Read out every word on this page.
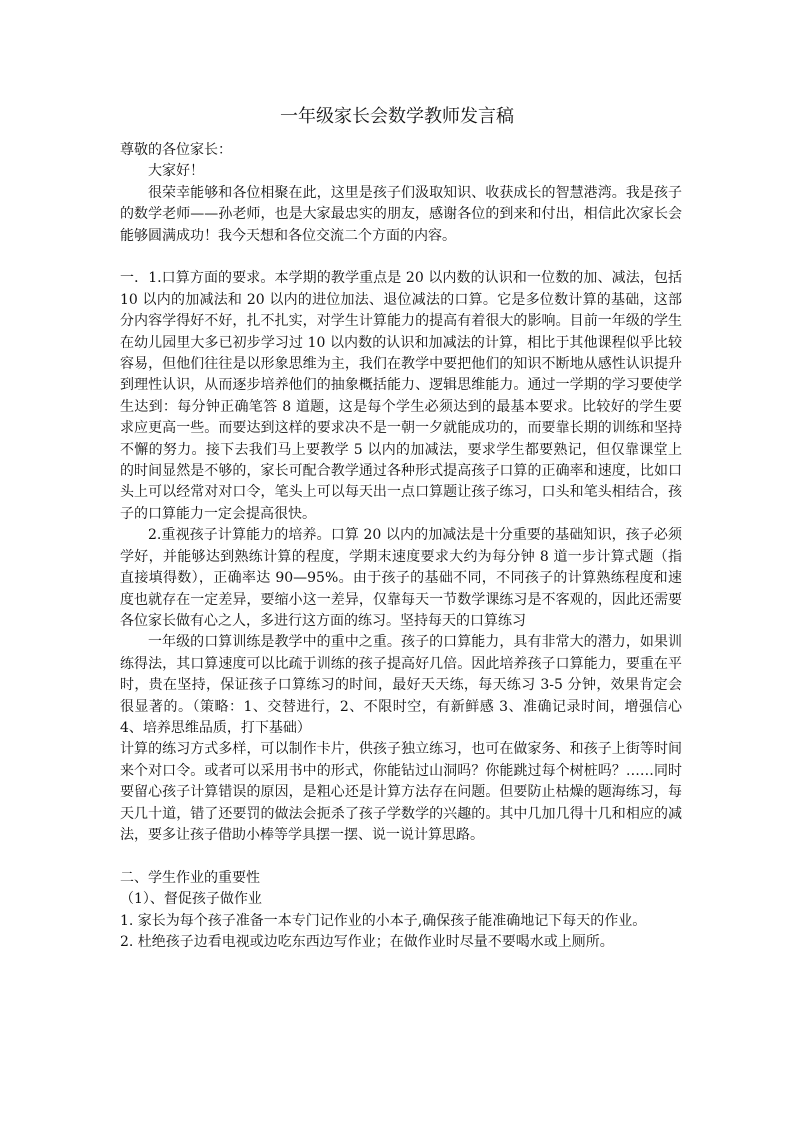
一年级家长会数学教师发言稿

尊敬的各位家长：

大家好！

很荣幸能够和各位相聚在此，这里是孩子们汲取知识、收获成长的智慧港湾。我是孩子的数学老师——孙老师，也是大家最忠实的朋友，感谢各位的到来和付出，相信此次家长会能够圆满成功！我今天想和各位交流二个方面的内容。

一．1.口算方面的要求。本学期的教学重点是 20 以内数的认识和一位数的加、减法，包括 10 以内的加减法和 20 以内的进位加法、退位减法的口算。它是多位数计算的基础，这部分内容学得好不好，扎不扎实，对学生计算能力的提高有着很大的影响。目前一年级的学生在幼儿园里大多已初步学习过 10 以内数的认识和加减法的计算，相比于其他课程似乎比较容易，但他们往往是以形象思维为主，我们在教学中要把他们的知识不断地从感性认识提升到理性认识，从而逐步培养他们的抽象概括能力、逻辑思维能力。通过一学期的学习要使学生达到：每分钟正确笔答 8 道题，这是每个学生必须达到的最基本要求。比较好的学生要求应更高一些。而要达到这样的要求决不是一朝一夕就能成功的，而要靠长期的训练和坚持不懈的努力。接下去我们马上要教学 5 以内的加减法，要求学生都要熟记，但仅靠课堂上的时间显然是不够的，家长可配合教学通过各种形式提高孩子口算的正确率和速度，比如口头上可以经常对对口令，笔头上可以每天出一点口算题让孩子练习，口头和笔头相结合，孩子的口算能力一定会提高很快。

2.重视孩子计算能力的培养。口算 20 以内的加减法是十分重要的基础知识，孩子必须学好，并能够达到熟练计算的程度，学期末速度要求大约为每分钟 8 道一步计算式题（指直接填得数），正确率达 90—95%。由于孩子的基础不同，不同孩子的计算熟练程度和速度也就存在一定差异，要缩小这一差异，仅靠每天一节数学课练习是不客观的，因此还需要各位家长做有心之人，多进行这方面的练习。坚持每天的口算练习

一年级的口算训练是教学中的重中之重。孩子的口算能力，具有非常大的潜力，如果训练得法，其口算速度可以比疏于训练的孩子提高好几倍。因此培养孩子口算能力，要重在平时，贵在坚持，保证孩子口算练习的时间，最好天天练，每天练习 3-5 分钟，效果肯定会很显著的。（策略：1、交替进行，2、不限时空，有新鲜感 3、准确记录时间，增强信心 4、培养思维品质，打下基础）

计算的练习方式多样，可以制作卡片，供孩子独立练习，也可在做家务、和孩子上街等时间来个对口令。或者可以采用书中的形式，你能钻过山洞吗？你能跳过每个树桩吗？……同时要留心孩子计算错误的原因，是粗心还是计算方法存在问题。但要防止枯燥的题海练习，每天几十道，错了还要罚的做法会扼杀了孩子学数学的兴趣的。其中几加几得十几和相应的减法，要多让孩子借助小棒等学具摆一摆、说一说计算思路。

二、学生作业的重要性

（1）、督促孩子做作业

1. 家长为每个孩子准备一本专门记作业的小本子,确保孩子能准确地记下每天的作业。

2. 杜绝孩子边看电视或边吃东西边写作业；在做作业时尽量不要喝水或上厕所。
